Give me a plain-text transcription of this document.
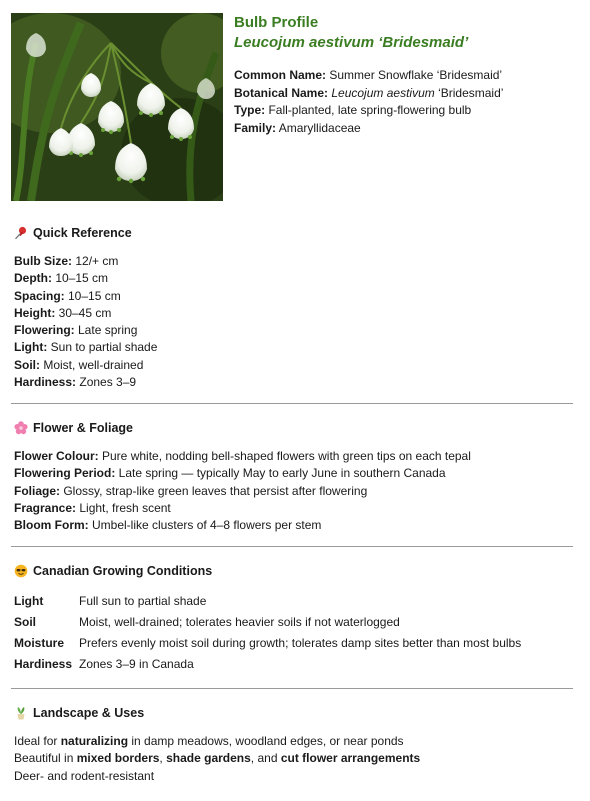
Bulb Profile
Leucojum aestivum ‘Bridesmaid’
Common Name: Summer Snowflake ‘Bridesmaid’
Botanical Name: Leucojum aestivum ‘Bridesmaid’
Type: Fall-planted, late spring-flowering bulb
Family: Amaryllidaceae
Quick Reference
Bulb Size: 12/+ cm
Depth: 10–15 cm
Spacing: 10–15 cm
Height: 30–45 cm
Flowering: Late spring
Light: Sun to partial shade
Soil: Moist, well-drained
Hardiness: Zones 3–9
Flower & Foliage
Flower Colour: Pure white, nodding bell-shaped flowers with green tips on each tepal
Flowering Period: Late spring — typically May to early June in southern Canada
Foliage: Glossy, strap-like green leaves that persist after flowering
Fragrance: Light, fresh scent
Bloom Form: Umbel-like clusters of 4–8 flowers per stem
Canadian Growing Conditions
Light	Full sun to partial shade
Soil	Moist, well-drained; tolerates heavier soils if not waterlogged
Moisture	Prefers evenly moist soil during growth; tolerates damp sites better than most bulbs
Hardiness	Zones 3–9 in Canada
Landscape & Uses
Ideal for naturalizing in damp meadows, woodland edges, or near ponds
Beautiful in mixed borders, shade gardens, and cut flower arrangements
Deer- and rodent-resistant
